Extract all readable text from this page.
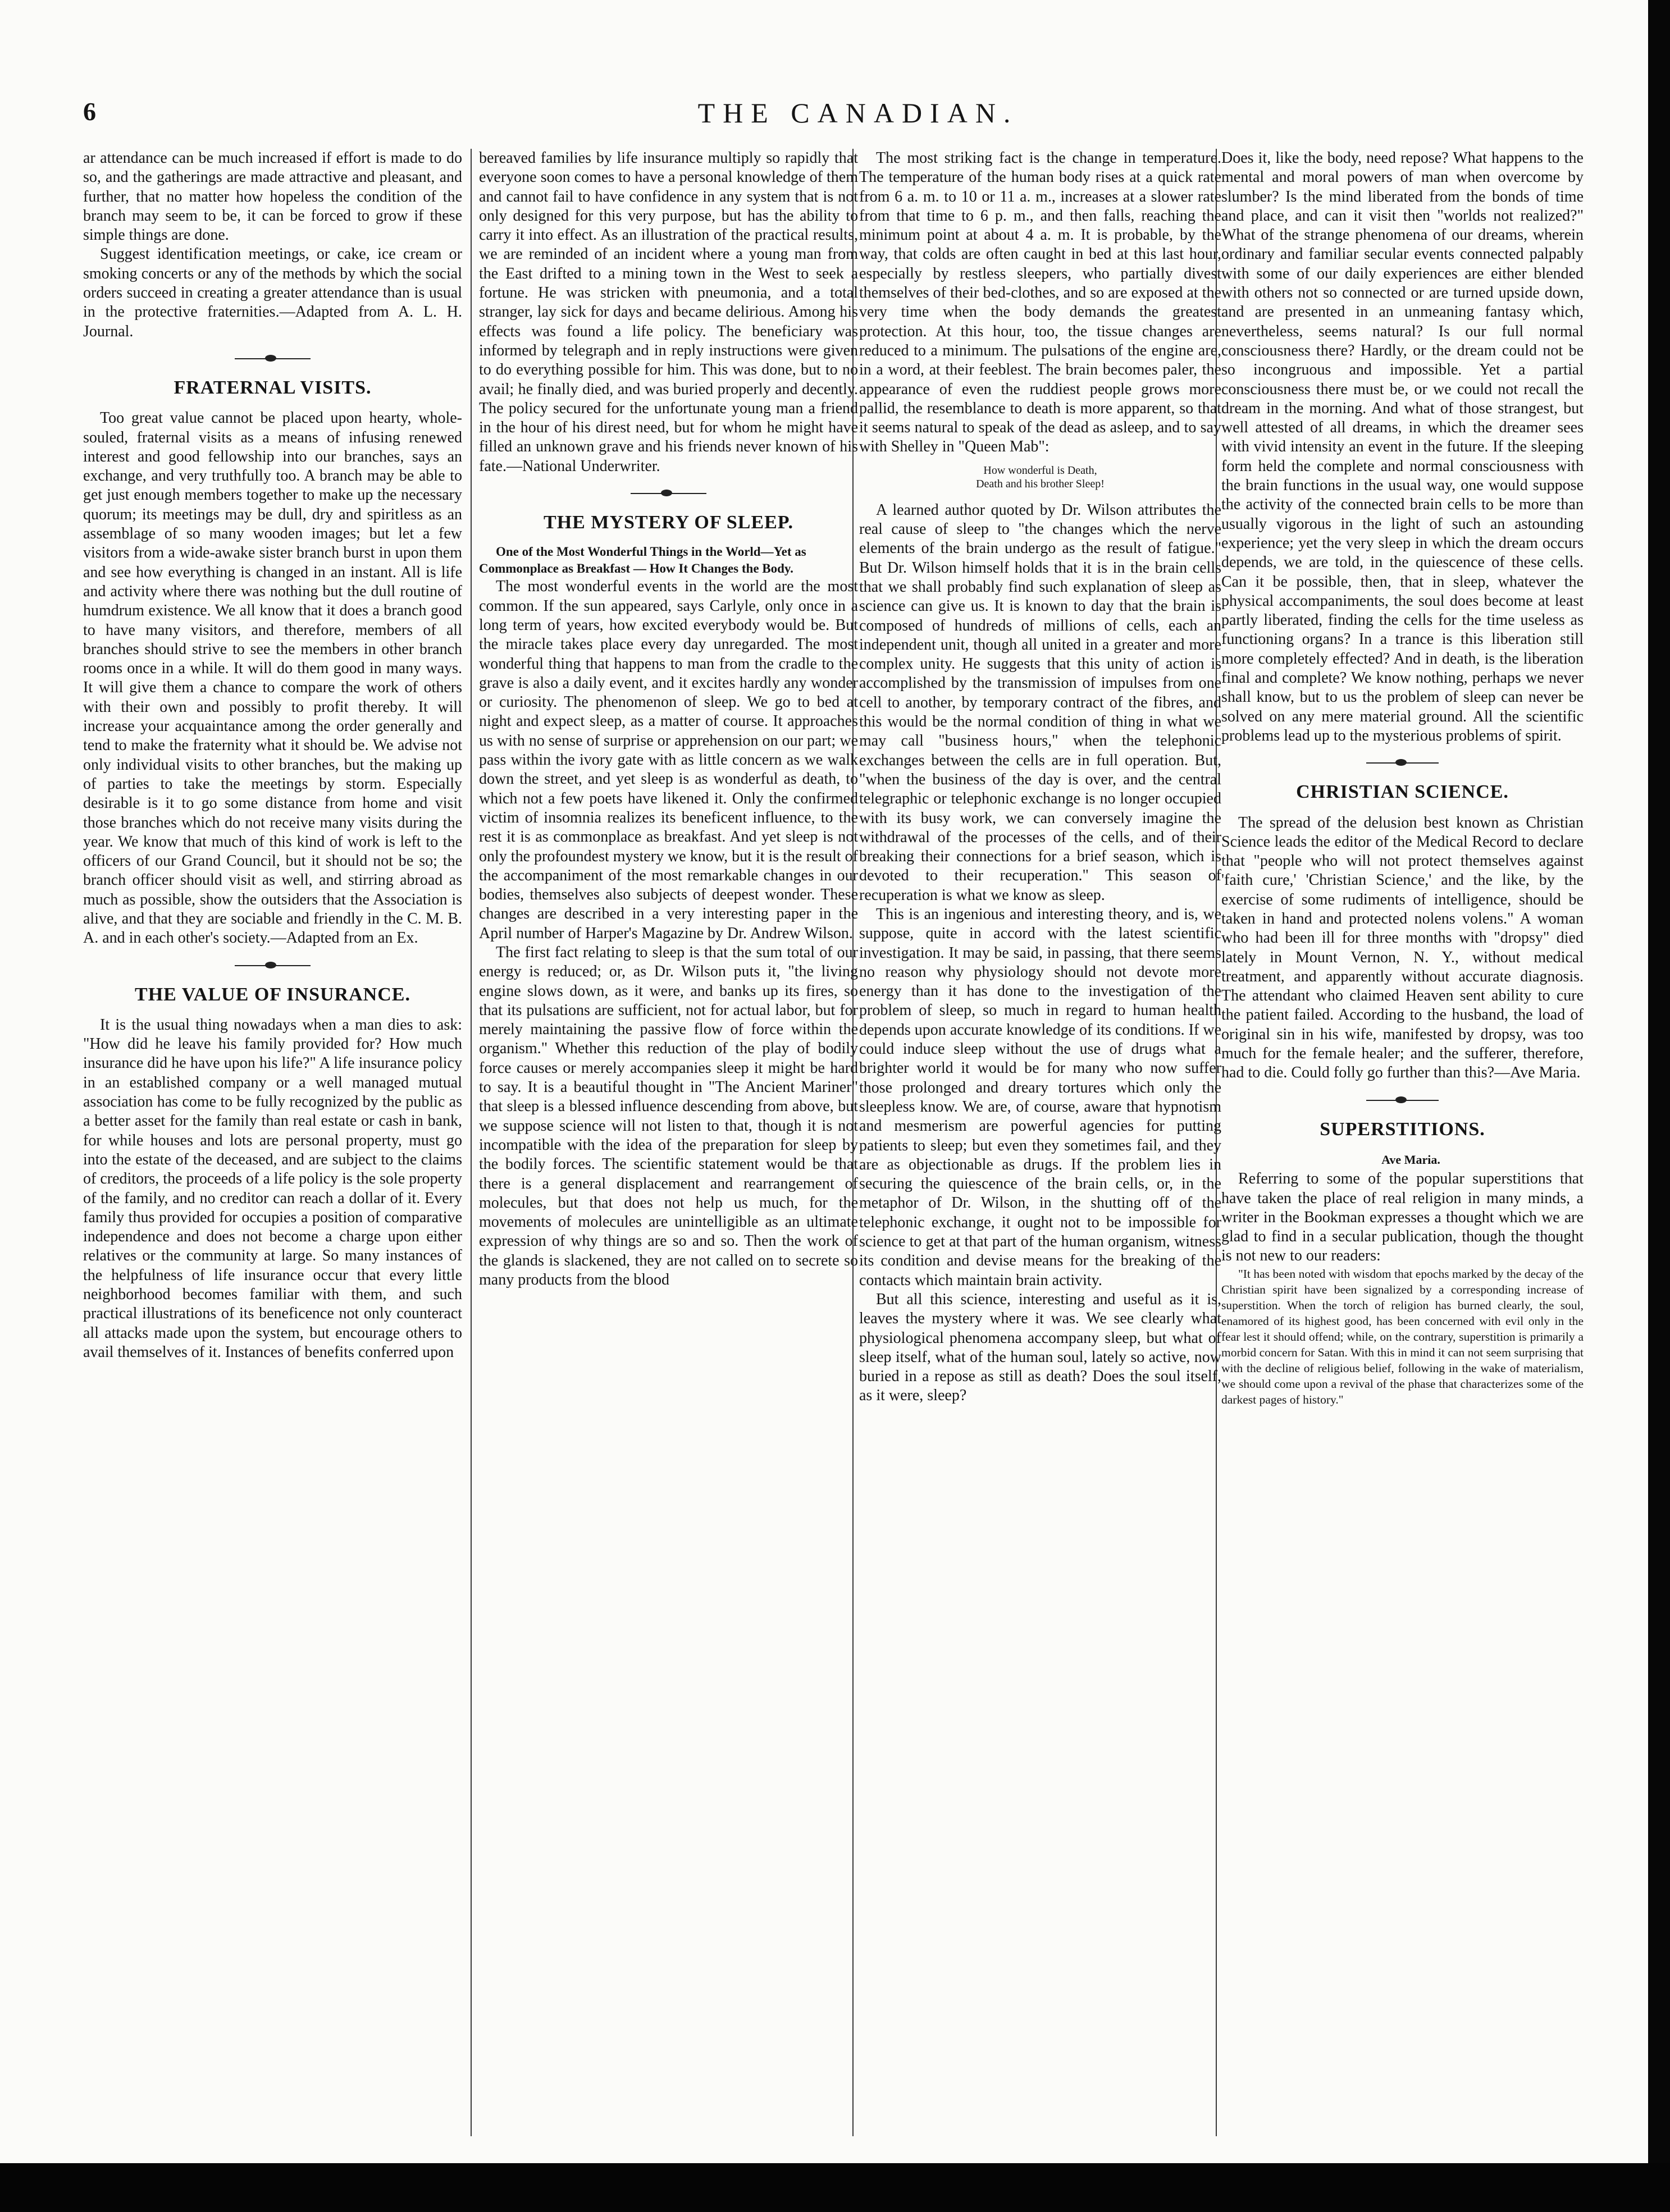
6	THE CANADIAN.

ar attendance can be much increased if effort is made to do so, and the gatherings are made attractive and pleasant, and further, that no matter how hopeless the condition of the branch may seem to be, it can be forced to grow if these simple things are done.

Suggest identification meetings, or cake, ice cream or smoking concerts or any of the methods by which the social orders succeed in creating a greater attendance than is usual in the protective fraternities.—Adapted from A. L. H. Journal.

FRATERNAL VISITS.

Too great value cannot be placed upon hearty, whole-souled, fraternal visits as a means of infusing renewed interest and good fellowship into our branches, says an exchange, and very truthfully too. A branch may be able to get just enough members together to make up the necessary quorum; its meetings may be dull, dry and spiritless as an assemblage of so many wooden images; but let a few visitors from a wide-awake sister branch burst in upon them and see how everything is changed in an instant. All is life and activity where there was nothing but the dull routine of humdrum existence. We all know that it does a branch good to have many visitors, and therefore, members of all branches should strive to see the members in other branch rooms once in a while. It will do them good in many ways. It will give them a chance to compare the work of others with their own and possibly to profit thereby. It will increase your acquaintance among the order generally and tend to make the fraternity what it should be. We advise not only individual visits to other branches, but the making up of parties to take the meetings by storm. Especially desirable is it to go some distance from home and visit those branches which do not receive many visits during the year. We know that much of this kind of work is left to the officers of our Grand Council, but it should not be so; the branch officer should visit as well, and stirring abroad as much as possible, show the outsiders that the Association is alive, and that they are sociable and friendly in the C. M. B. A. and in each other's society.—Adapted from an Ex.

THE VALUE OF INSURANCE.

It is the usual thing nowadays when a man dies to ask: "How did he leave his family provided for? How much insurance did he have upon his life?" A life insurance policy in an established company or a well managed mutual association has come to be fully recognized by the public as a better asset for the family than real estate or cash in bank, for while houses and lots are personal property, must go into the estate of the deceased, and are subject to the claims of creditors, the proceeds of a life policy is the sole property of the family, and no creditor can reach a dollar of it. Every family thus provided for occupies a position of comparative independence and does not become a charge upon either relatives or the community at large. So many instances of the helpfulness of life insurance occur that every little neighborhood becomes familiar with them, and such practical illustrations of its beneficence not only counteract all attacks made upon the system, but encourage others to avail themselves of it. Instances of benefits conferred upon

bereaved families by life insurance multiply so rapidly that everyone soon comes to have a personal knowledge of them and cannot fail to have confidence in any system that is not only designed for this very purpose, but has the ability to carry it into effect. As an illustration of the practical results, we are reminded of an incident where a young man from the East drifted to a mining town in the West to seek a fortune. He was stricken with pneumonia, and a total stranger, lay sick for days and became delirious. Among his effects was found a life policy. The beneficiary was informed by telegraph and in reply instructions were given to do everything possible for him. This was done, but to no avail; he finally died, and was buried properly and decently. The policy secured for the unfortunate young man a friend in the hour of his direst need, but for whom he might have filled an unknown grave and his friends never known of his fate.—National Underwriter.

THE MYSTERY OF SLEEP.

One of the Most Wonderful Things in the World—Yet as Commonplace as Breakfast — How It Changes the Body.

The most wonderful events in the world are the most common. If the sun appeared, says Carlyle, only once in a long term of years, how excited everybody would be. But the miracle takes place every day unregarded. The most wonderful thing that happens to man from the cradle to the grave is also a daily event, and it excites hardly any wonder or curiosity. The phenomenon of sleep. We go to bed at night and expect sleep, as a matter of course. It approaches us with no sense of surprise or apprehension on our part; we pass within the ivory gate with as little concern as we walk down the street, and yet sleep is as wonderful as death, to which not a few poets have likened it. Only the confirmed victim of insomnia realizes its beneficent influence, to the rest it is as commonplace as breakfast. And yet sleep is not only the profoundest mystery we know, but it is the result of the accompaniment of the most remarkable changes in our bodies, themselves also subjects of deepest wonder. These changes are described in a very interesting paper in the April number of Harper's Magazine by Dr. Andrew Wilson.

The first fact relating to sleep is that the sum total of our energy is reduced; or, as Dr. Wilson puts it, "the living engine slows down, as it were, and banks up its fires, so that its pulsations are sufficient, not for actual labor, but for merely maintaining the passive flow of force within the organism." Whether this reduction of the play of bodily force causes or merely accompanies sleep it might be hard to say. It is a beautiful thought in "The Ancient Mariner" that sleep is a blessed influence descending from above, but we suppose science will not listen to that, though it is not incompatible with the idea of the preparation for sleep by the bodily forces. The scientific statement would be that there is a general displacement and rearrangement of molecules, but that does not help us much, for the movements of molecules are unintelligible as an ultimate expression of why things are so and so. Then the work of the glands is slackened, they are not called on to secrete so many products from the blood

The most striking fact is the change in temperature. The temperature of the human body rises at a quick rate from 6 a. m. to 10 or 11 a. m., increases at a slower rate from that time to 6 p. m., and then falls, reaching the minimum point at about 4 a. m. It is probable, by the way, that colds are often caught in bed at this last hour, especially by restless sleepers, who partially divest themselves of their bed-clothes, and so are exposed at the very time when the body demands the greatest protection. At this hour, too, the tissue changes are reduced to a minimum. The pulsations of the engine are, in a word, at their feeblest. The brain becomes paler, the appearance of even the ruddiest people grows more pallid, the resemblance to death is more apparent, so that it seems natural to speak of the dead as asleep, and to say with Shelley in "Queen Mab":

How wonderful is Death,
Death and his brother Sleep!

A learned author quoted by Dr. Wilson attributes the real cause of sleep to "the changes which the nerve elements of the brain undergo as the result of fatigue." But Dr. Wilson himself holds that it is in the brain cells that we shall probably find such explanation of sleep as science can give us. It is known to day that the brain is composed of hundreds of millions of cells, each an independent unit, though all united in a greater and more complex unity. He suggests that this unity of action is accomplished by the transmission of impulses from one cell to another, by temporary contract of the fibres, and this would be the normal condition of thing in what we may call "business hours," when the telephonic exchanges between the cells are in full operation. But, "when the business of the day is over, and the central telegraphic or telephonic exchange is no longer occupied with its busy work, we can conversely imagine the withdrawal of the processes of the cells, and of their breaking their connections for a brief season, which is devoted to their recuperation." This season of recuperation is what we know as sleep.

This is an ingenious and interesting theory, and is, we suppose, quite in accord with the latest scientific investigation. It may be said, in passing, that there seems no reason why physiology should not devote more energy than it has done to the investigation of the problem of sleep, so much in regard to human health depends upon accurate knowledge of its conditions. If we could induce sleep without the use of drugs what a brighter world it would be for many who now suffer those prolonged and dreary tortures which only the sleepless know. We are, of course, aware that hypnotism and mesmerism are powerful agencies for putting patients to sleep; but even they sometimes fail, and they are as objectionable as drugs. If the problem lies in securing the quiescence of the brain cells, or, in the metaphor of Dr. Wilson, in the shutting off of the telephonic exchange, it ought not to be impossible for science to get at that part of the human organism, witness its condition and devise means for the breaking of the contacts which maintain brain activity.

But all this science, interesting and useful as it is, leaves the mystery where it was. We see clearly what physiological phenomena accompany sleep, but what of sleep itself, what of the human soul, lately so active, now buried in a repose as still as death? Does the soul itself, as it were, sleep?

Does it, like the body, need repose? What happens to the mental and moral powers of man when overcome by slumber? Is the mind liberated from the bonds of time and place, and can it visit then "worlds not realized?" What of the strange phenomena of our dreams, wherein ordinary and familiar secular events connected palpably with some of our daily experiences are either blended with others not so connected or are turned upside down, and are presented in an unmeaning fantasy which, nevertheless, seems natural? Is our full normal consciousness there? Hardly, or the dream could not be so incongruous and impossible. Yet a partial consciousness there must be, or we could not recall the dream in the morning. And what of those strangest, but well attested of all dreams, in which the dreamer sees with vivid intensity an event in the future. If the sleeping form held the complete and normal consciousness with the brain functions in the usual way, one would suppose the activity of the connected brain cells to be more than usually vigorous in the light of such an astounding experience; yet the very sleep in which the dream occurs depends, we are told, in the quiescence of these cells. Can it be possible, then, that in sleep, whatever the physical accompaniments, the soul does become at least partly liberated, finding the cells for the time useless as functioning organs? In a trance is this liberation still more completely effected? And in death, is the liberation final and complete? We know nothing, perhaps we never shall know, but to us the problem of sleep can never be solved on any mere material ground. All the scientific problems lead up to the mysterious problems of spirit.

CHRISTIAN SCIENCE.

The spread of the delusion best known as Christian Science leads the editor of the Medical Record to declare that "people who will not protect themselves against 'faith cure,' 'Christian Science,' and the like, by the exercise of some rudiments of intelligence, should be taken in hand and protected nolens volens." A woman who had been ill for three months with "dropsy" died lately in Mount Vernon, N. Y., without medical treatment, and apparently without accurate diagnosis. The attendant who claimed Heaven sent ability to cure the patient failed. According to the husband, the load of original sin in his wife, manifested by dropsy, was too much for the female healer; and the sufferer, therefore, had to die. Could folly go further than this?—Ave Maria.

SUPERSTITIONS.

Ave Maria.

Referring to some of the popular superstitions that have taken the place of real religion in many minds, a writer in the Bookman expresses a thought which we are glad to find in a secular publication, though the thought is not new to our readers:

"It has been noted with wisdom that epochs marked by the decay of the Christian spirit have been signalized by a corresponding increase of superstition. When the torch of religion has burned clearly, the soul, enamored of its highest good, has been concerned with evil only in the fear lest it should offend; while, on the contrary, superstition is primarily a morbid concern for Satan. With this in mind it can not seem surprising that with the decline of religious belief, following in the wake of materialism, we should come upon a revival of the phase that characterizes some of the darkest pages of history."
